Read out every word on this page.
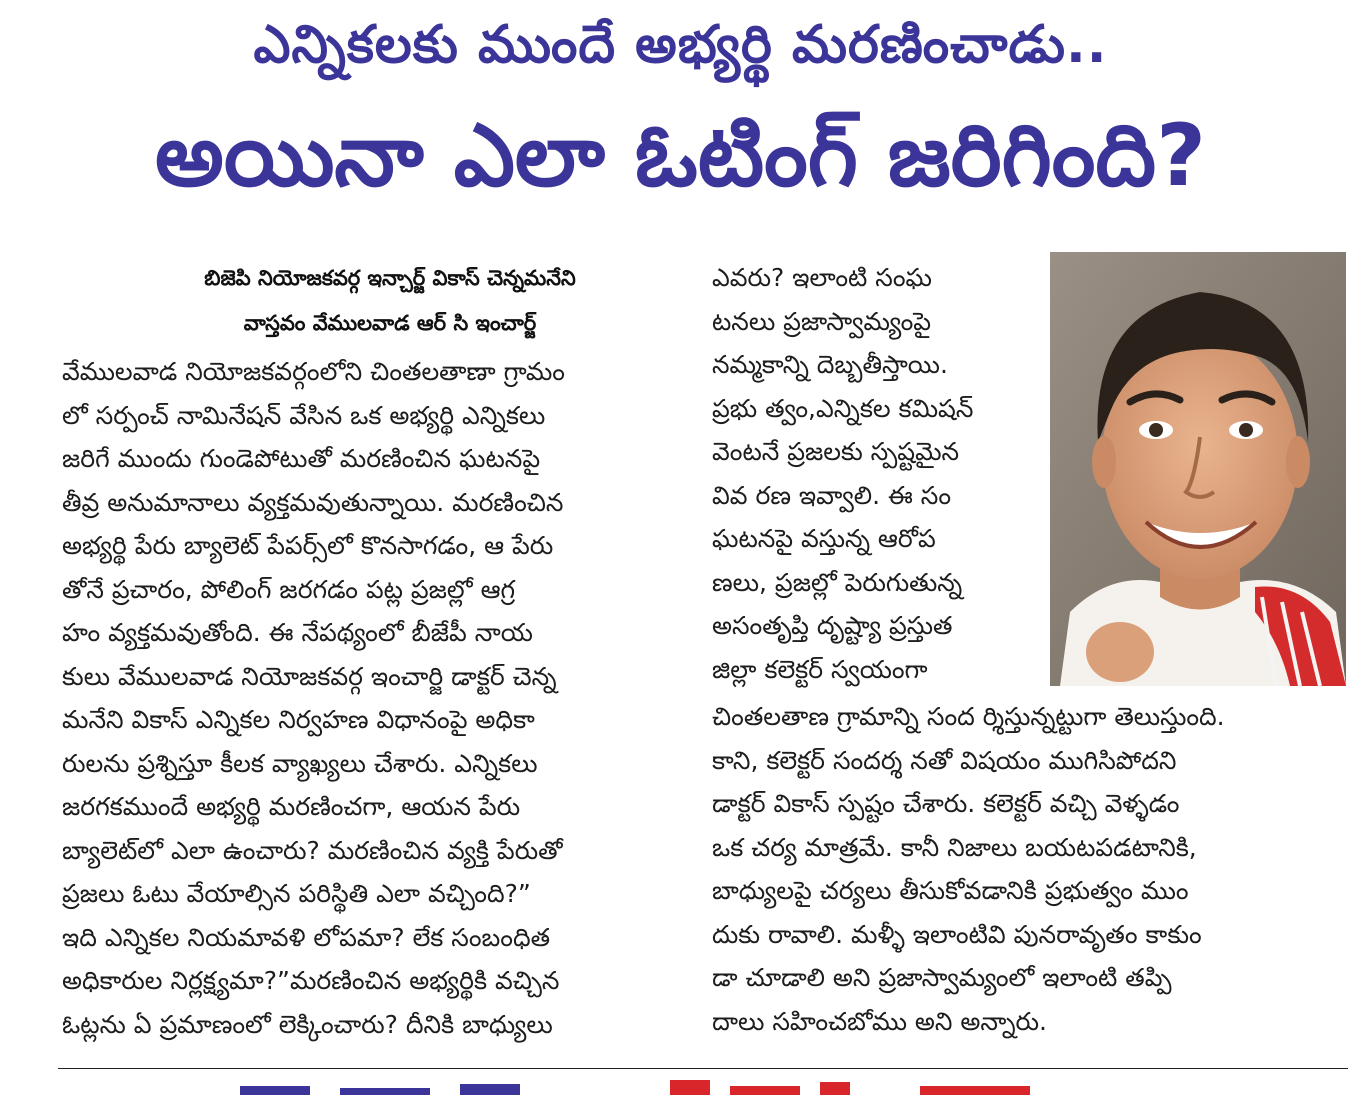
ఎన్నికలకు ముందే అభ్యర్థి మరణించాడు..
అయినా ఎలా ఓటింగ్ జరిగింది?
బిజెపి నియోజకవర్గ ఇన్చార్జ్ వికాస్ చెన్నమనేని
వాస్తవం వేములవాడ ఆర్ సి ఇంచార్జ్
వేములవాడ నియోజకవర్గంలోని చింతలతాణా గ్రామం
లో సర్పంచ్ నామినేషన్ వేసిన ఒక అభ్యర్థి ఎన్నికలు
జరిగే ముందు గుండెపోటుతో మరణించిన ఘటనపై
తీవ్ర అనుమానాలు వ్యక్తమవుతున్నాయి. మరణించిన
అభ్యర్థి పేరు బ్యాలెట్ పేపర్స్‌లో కొనసాగడం, ఆ పేరు
తోనే ప్రచారం, పోలింగ్ జరగడం పట్ల ప్రజల్లో ఆగ్ర
హం వ్యక్తమవుతోంది. ఈ నేపథ్యంలో బీజేపీ నాయ
కులు వేములవాడ నియోజకవర్గ ఇంచార్జి డాక్టర్ చెన్న
మనేని వికాస్ ఎన్నికల నిర్వహణ విధానంపై అధికా
రులను ప్రశ్నిస్తూ కీలక వ్యాఖ్యలు చేశారు. ఎన్నికలు
జరగకముందే అభ్యర్థి మరణించగా, ఆయన పేరు
బ్యాలెట్‌లో ఎలా ఉంచారు? మరణించిన వ్యక్తి పేరుతో
ప్రజలు ఓటు వేయాల్సిన పరిస్థితి ఎలా వచ్చింది?”
ఇది ఎన్నికల నియమావళి లోపమా? లేక సంబంధిత
అధికారుల నిర్లక్ష్యమా?”మరణించిన అభ్యర్థికి వచ్చిన
ఓట్లను ఏ ప్రమాణంలో లెక్కించారు? దీనికి బాధ్యులు
ఎవరు? ఇలాంటి సంఘ
టనలు ప్రజాస్వామ్యంపై
నమ్మకాన్ని దెబ్బతీస్తాయి.
ప్రభు త్వం,ఎన్నికల కమిషన్
వెంటనే ప్రజలకు స్పష్టమైన
వివ రణ ఇవ్వాలి. ఈ సం
ఘటనపై వస్తున్న ఆరోప
ణలు, ప్రజల్లో పెరుగుతున్న
అసంతృప్తి దృష్ట్యా ప్రస్తుత
జిల్లా కలెక్టర్ స్వయంగా
చింతలతాణ గ్రామాన్ని సంద ర్శిస్తున్నట్టుగా తెలుస్తుంది.
కాని, కలెక్టర్ సందర్శ నతో విషయం ముగిసిపోదని
డాక్టర్ వికాస్ స్పష్టం చేశారు. కలెక్టర్ వచ్చి వెళ్ళడం
ఒక చర్య మాత్రమే. కానీ నిజాలు బయటపడటానికి,
బాధ్యులపై చర్యలు తీసుకోవడానికి ప్రభుత్వం ముం
దుకు రావాలి. మళ్ళీ ఇలాంటివి పునరావృతం కాకుం
డా చూడాలి అని ప్రజాస్వామ్యంలో ఇలాంటి తప్పి
దాలు సహించబోము అని అన్నారు.
